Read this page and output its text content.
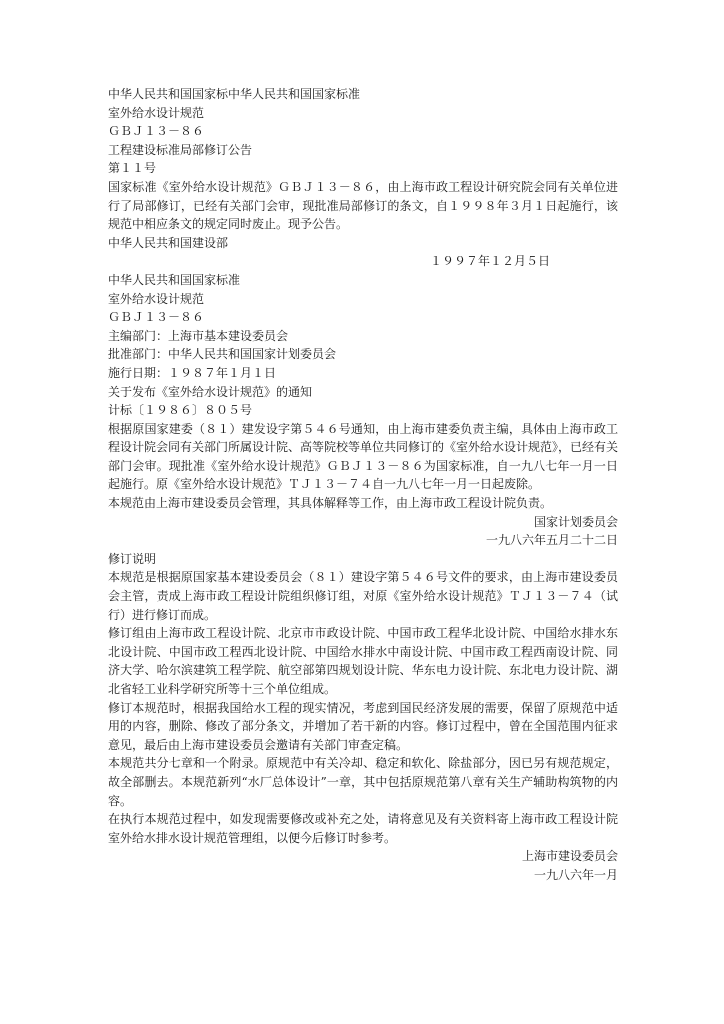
中华人民共和国国家标中华人民共和国国家标准
室外给水设计规范
ＧＢＪ１３－８６
工程建设标准局部修订公告
第１１号
国家标准《室外给水设计规范》ＧＢＪ１３－８６，由上海市政工程设计研究院会同有关单位进行了局部修订，已经有关部门会审，现批准局部修订的条文，自１９９８年３月１日起施行，该规范中相应条文的规定同时废止。现予公告。
中华人民共和国建设部
１９９７年１２月５日
中华人民共和国国家标准
室外给水设计规范
ＧＢＪ１３－８６
主编部门：上海市基本建设委员会
批准部门：中华人民共和国国家计划委员会
施行日期：１９８７年１月１日
关于发布《室外给水设计规范》的通知
计标〔１９８６〕８０５号
根据原国家建委（８１）建发设字第５４６号通知，由上海市建委负责主编，具体由上海市政工程设计院会同有关部门所属设计院、高等院校等单位共同修订的《室外给水设计规范》，已经有关部门会审。现批准《室外给水设计规范》ＧＢＪ１３－８６为国家标准，自一九八七年一月一日起施行。原《室外给水设计规范》ＴＪ１３－７４自一九八七年一月一日起废除。
本规范由上海市建设委员会管理，其具体解释等工作，由上海市政工程设计院负责。
国家计划委员会
一九八六年五月二十二日
修订说明
本规范是根据原国家基本建设委员会（８１）建设字第５４６号文件的要求，由上海市建设委员会主管，责成上海市政工程设计院组织修订组，对原《室外给水设计规范》ＴＪ１３－７４（试行）进行修订而成。
修订组由上海市政工程设计院、北京市市政设计院、中国市政工程华北设计院、中国给水排水东北设计院、中国市政工程西北设计院、中国给水排水中南设计院、中国市政工程西南设计院、同济大学、哈尔滨建筑工程学院、航空部第四规划设计院、华东电力设计院、东北电力设计院、湖北省轻工业科学研究所等十三个单位组成。
修订本规范时，根据我国给水工程的现实情况，考虑到国民经济发展的需要，保留了原规范中适用的内容，删除、修改了部分条文，并增加了若干新的内容。修订过程中，曾在全国范围内征求意见，最后由上海市建设委员会邀请有关部门审查定稿。
本规范共分七章和一个附录。原规范中有关冷却、稳定和软化、除盐部分，因已另有规范规定，故全部删去。本规范新列“水厂总体设计”一章，其中包括原规范第八章有关生产辅助构筑物的内容。
在执行本规范过程中，如发现需要修改或补充之处，请将意见及有关资料寄上海市政工程设计院室外给水排水设计规范管理组，以便今后修订时参考。
上海市建设委员会
一九八六年一月
